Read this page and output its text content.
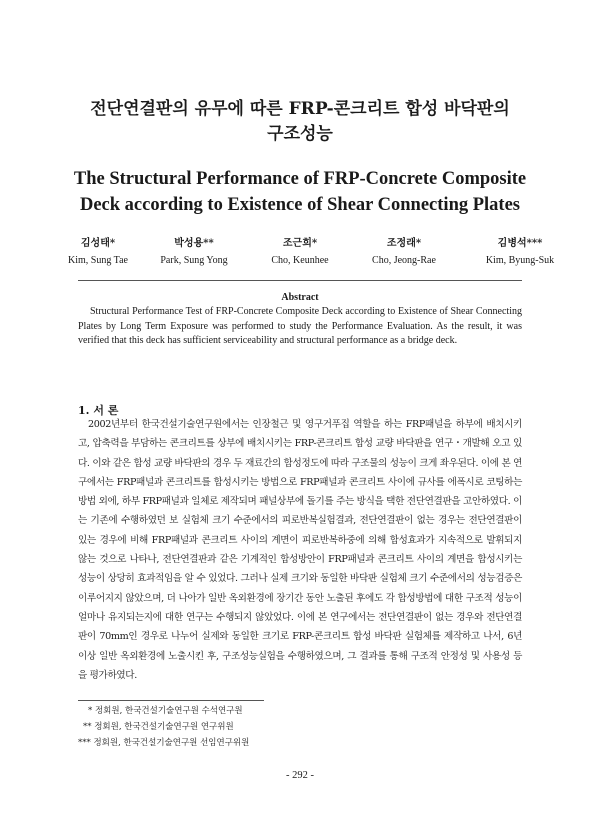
전단연결판의 유무에 따른 FRP-콘크리트 합성 바닥판의
구조성능
The Structural Performance of FRP-Concrete Composite
Deck according to Existence of Shear Connecting Plates
김성태*
Kim, Sung Tae
박성용**
Park, Sung Yong
조근희*
Cho, Keunhee
조정래*
Cho, Jeong-Rae
김병석***
Kim, Byung-Suk
Abstract
Structural Performance Test of FRP-Concrete Composite Deck according to Existence of Shear Connecting Plates by Long Term Exposure was performed to study the Performance Evaluation. As the result, it was verified that this deck has sufficient serviceability and structural performance as a bridge deck.
1. 서 론
2002년부터 한국건설기술연구원에서는 인장철근 및 영구거푸집 역할을 하는 FRP패널을 하부에 배치시키고, 압축력을 부담하는 콘크리트를 상부에 배치시키는 FRP-콘크리트 합성 교량 바닥판을 연구・개발해 오고 있다. 이와 같은 합성 교량 바닥판의 경우 두 재료간의 합성정도에 따라 구조물의 성능이 크게 좌우된다. 이에 본 연구에서는 FRP패널과 콘크리트를 합성시키는 방법으로 FRP패널과 콘크리트 사이에 규사를 에폭시로 코팅하는 방법 외에, 하부 FRP패널과 일체로 제작되며 패널상부에 돌기를 주는 방식을 택한 전단연결판을 고안하였다. 이는 기존에 수행하였던 보 실험체 크기 수준에서의 피로반복실험결과, 전단연결판이 없는 경우는 전단연결판이 있는 경우에 비해 FRP패널과 콘크리트 사이의 계면이 피로반복하중에 의해 합성효과가 지속적으로 발휘되지 않는 것으로 나타나, 전단연결판과 같은 기계적인 합성방안이 FRP패널과 콘크리트 사이의 계면을 합성시키는 성능이 상당히 효과적임을 알 수 있었다. 그러나 실제 크기와 동일한 바닥판 실험체 크기 수준에서의 성능검증은 이루어지지 않았으며, 더 나아가 일반 옥외환경에 장기간 동안 노출된 후에도 각 합성방법에 대한 구조적 성능이 얼마나 유지되는지에 대한 연구는 수행되지 않았었다. 이에 본 연구에서는 전단연결판이 없는 경우와 전단연결판이 70mm인 경우로 나누어 실제와 동일한 크기로 FRP-콘크리트 합성 바닥판 실험체를 제작하고 나서, 6년 이상 일반 옥외환경에 노출시킨 후, 구조성능실험을 수행하였으며, 그 결과를 통해 구조적 안정성 및 사용성 등을 평가하였다.
* 정회원, 한국건설기술연구원 수석연구원
** 정회원, 한국건설기술연구원 연구위원
*** 정회원, 한국건설기술연구원 선임연구위원
- 292 -
